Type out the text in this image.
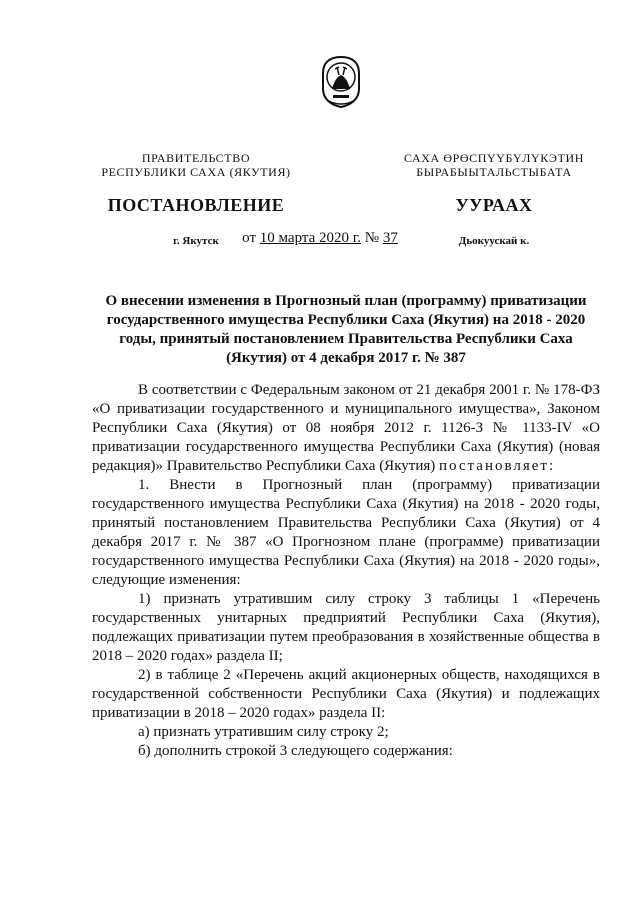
ПРАВИТЕЛЬСТВО
РЕСПУБЛИКИ САХА (ЯКУТИЯ)
САХА ӨРӨСПҮҮБҮЛҮКЭТИН
БЫРАБЫЫТАЛЬСТЫБАТА
ПОСТАНОВЛЕНИЕ	УУРААХ
г. Якутск	Дьокуускай к.
от 10 марта 2020 г. № 37
О внесении изменения в Прогнозный план (программу) приватизации государственного имущества Республики Саха (Якутия) на 2018 - 2020 годы, принятый постановлением Правительства Республики Саха (Якутия) от 4 декабря 2017 г. № 387

В соответствии с Федеральным законом от 21 декабря 2001 г. № 178-ФЗ «О приватизации государственного и муниципального имущества», Законом Республики Саха (Якутия) от 08 ноября 2012 г. 1126-З № 1133-IV «О приватизации государственного имущества Республики Саха (Якутия) (новая редакция)» Правительство Республики Саха (Якутия) постановляет:

1. Внести в Прогнозный план (программу) приватизации государственного имущества Республики Саха (Якутия) на 2018 - 2020 годы, принятый постановлением Правительства Республики Саха (Якутия) от 4 декабря 2017 г. № 387 «О Прогнозном плане (программе) приватизации государственного имущества Республики Саха (Якутия) на 2018 - 2020 годы», следующие изменения:

1) признать утратившим силу строку 3 таблицы 1 «Перечень государственных унитарных предприятий Республики Саха (Якутия), подлежащих приватизации путем преобразования в хозяйственные общества в 2018 – 2020 годах» раздела II;

2) в таблице 2 «Перечень акций акционерных обществ, находящихся в государственной собственности Республики Саха (Якутия) и подлежащих приватизации в 2018 – 2020 годах» раздела II:

а) признать утратившим силу строку 2;

б) дополнить строкой 3 следующего содержания:
